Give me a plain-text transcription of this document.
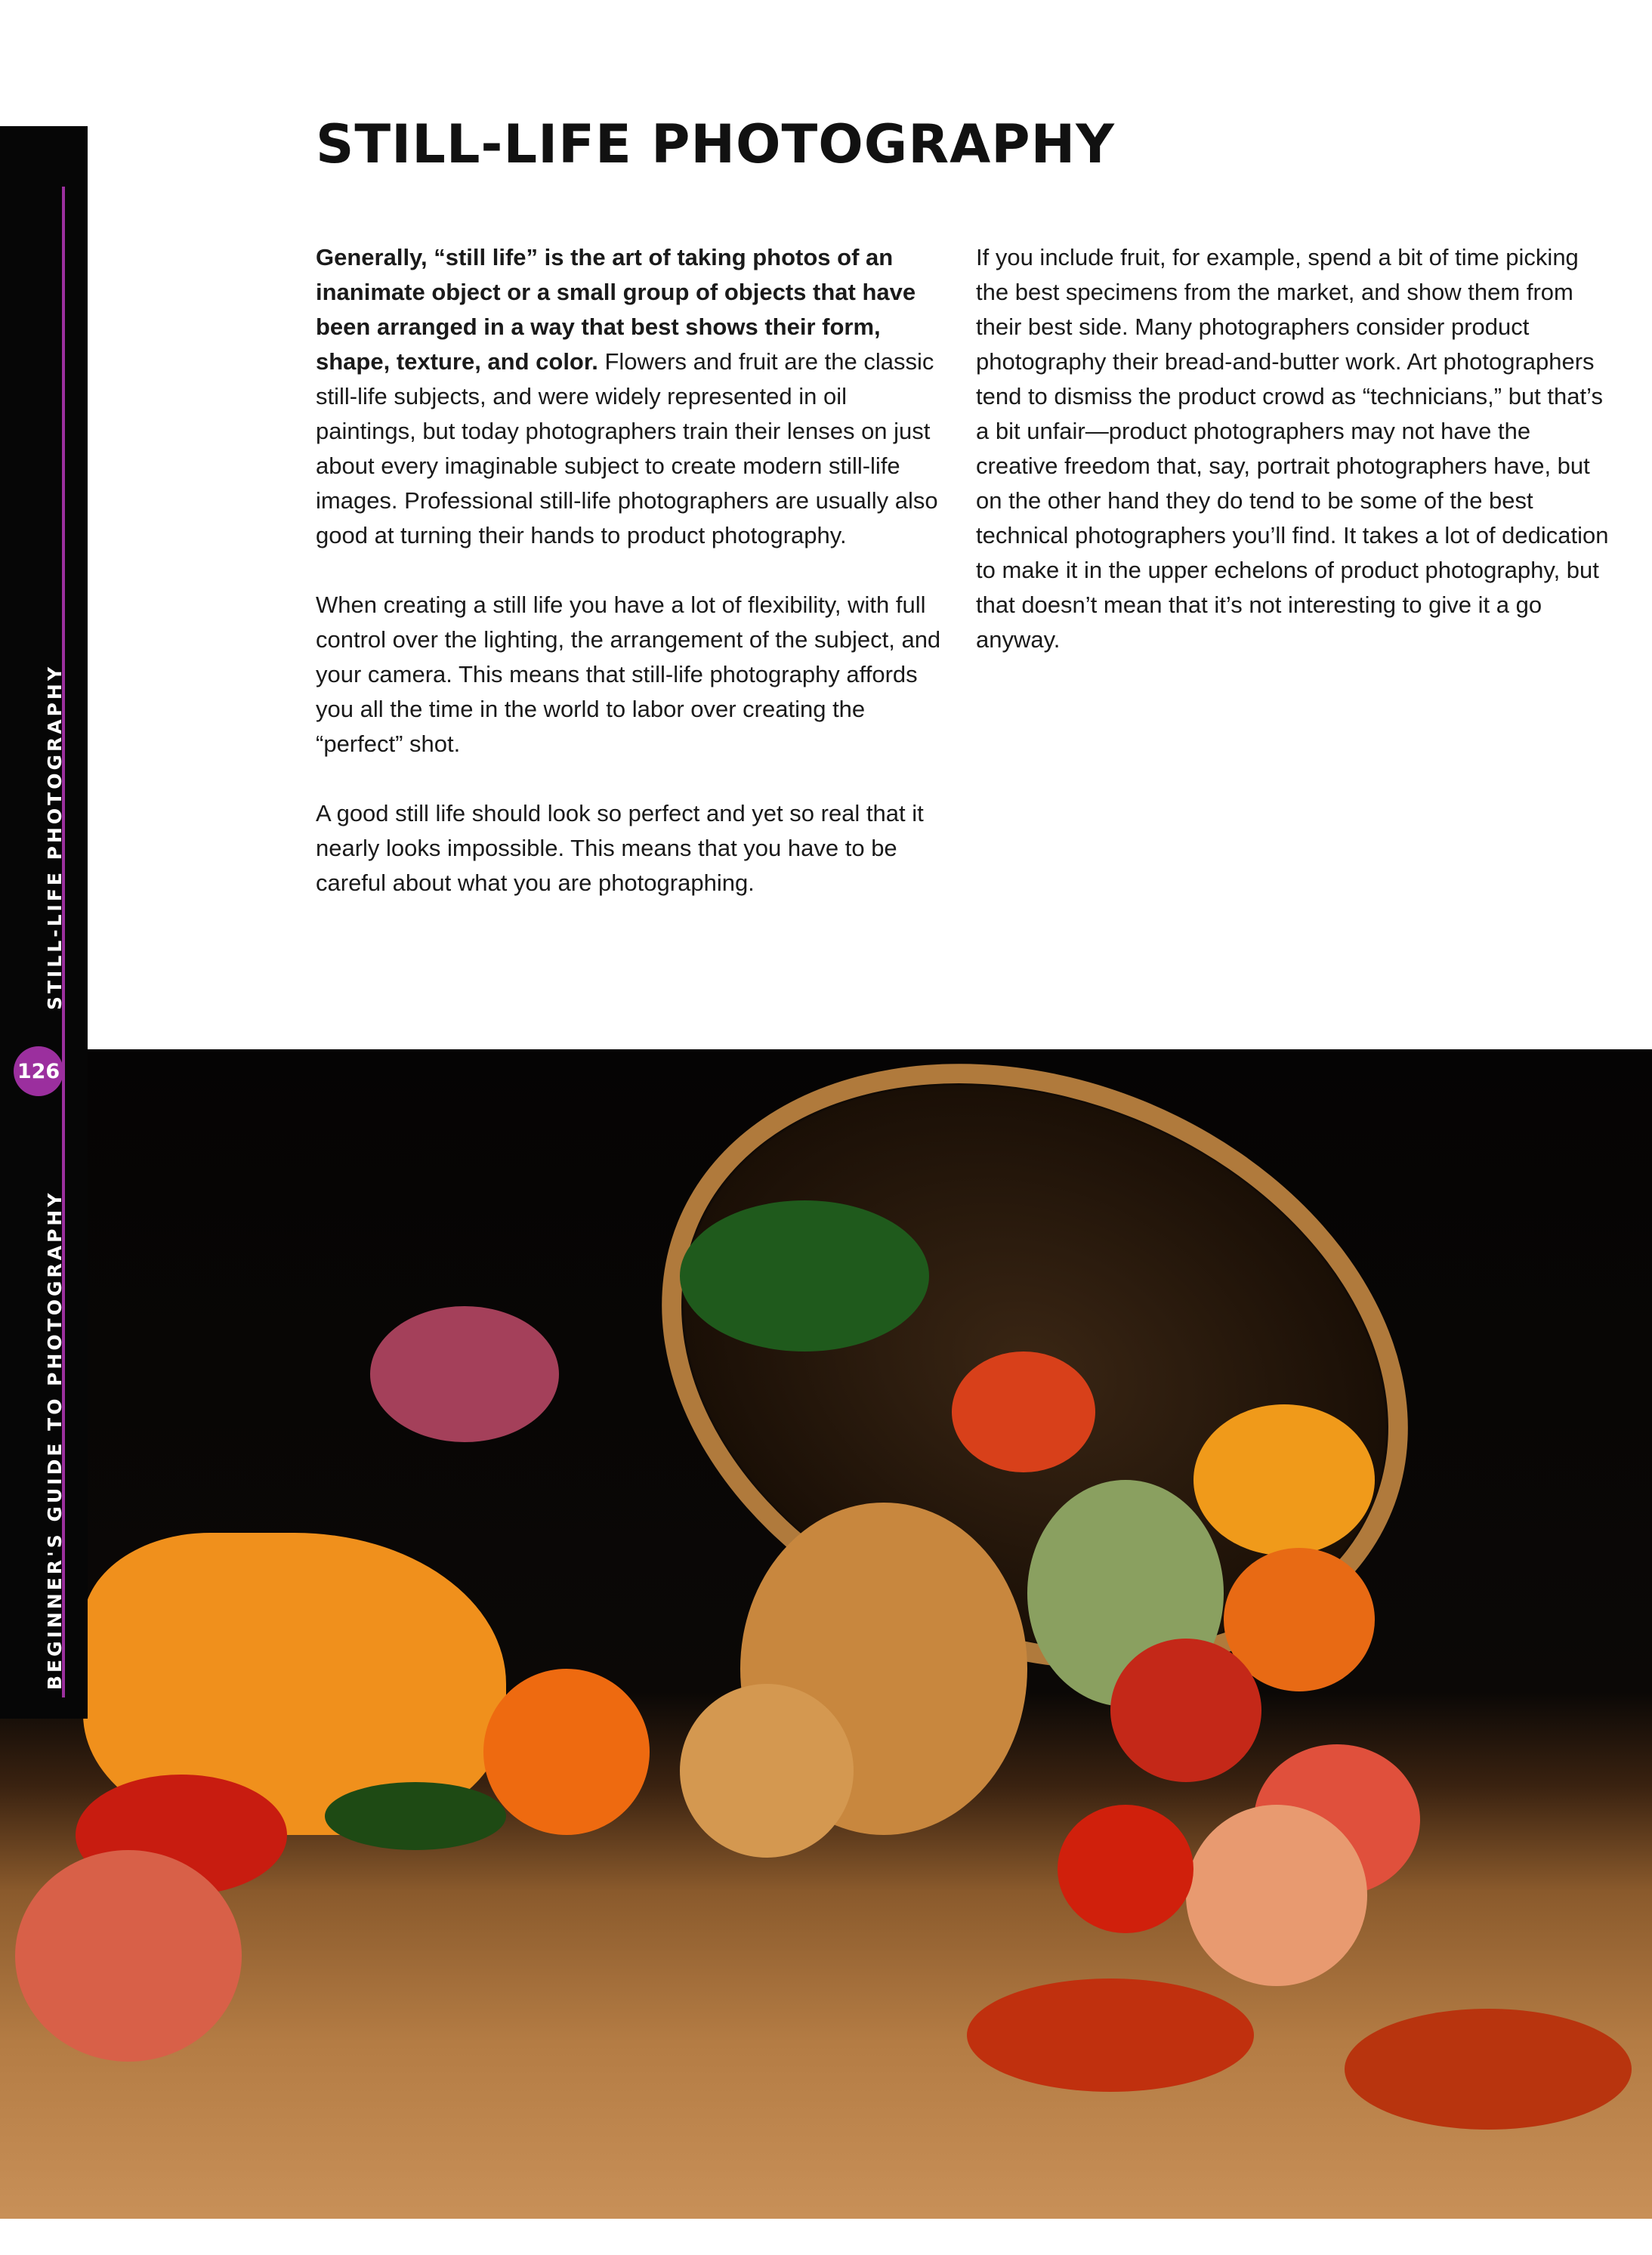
STILL-LIFE PHOTOGRAPHY

Generally, “still life” is the art of taking photos of an inanimate object or a small group of objects that have been arranged in a way that best shows their form, shape, texture, and color. Flowers and fruit are the classic still-life subjects, and were widely represented in oil paintings, but today photographers train their lenses on just about every imaginable subject to create modern still-life images. Professional still-life photographers are usually also good at turning their hands to product photography.

When creating a still life you have a lot of flexibility, with full control over the lighting, the arrangement of the subject, and your camera. This means that still-life photography affords you all the time in the world to labor over creating the “perfect” shot.

A good still life should look so perfect and yet so real that it nearly looks impossible. This means that you have to be careful about what you are photographing.

If you include fruit, for example, spend a bit of time picking the best specimens from the market, and show them from their best side. Many photographers consider product photography their bread-and-butter work. Art photographers tend to dismiss the product crowd as “technicians,” but that’s a bit unfair—product photographers may not have the creative freedom that, say, portrait photographers have, but on the other hand they do tend to be some of the best technical photographers you’ll find. It takes a lot of dedication to make it in the upper echelons of product photography, but that doesn’t mean that it’s not interesting to give it a go anyway.

STILL-LIFE PHOTOGRAPHY
BEGINNER'S GUIDE TO PHOTOGRAPHY
126
